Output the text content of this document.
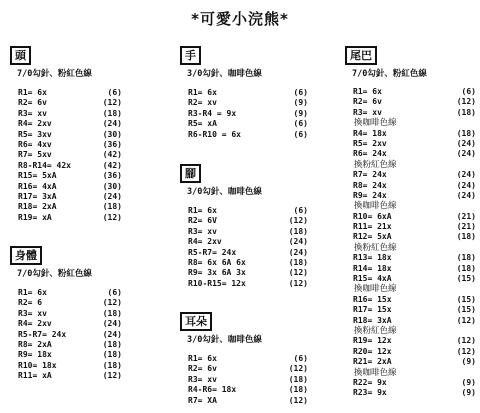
*可愛小浣熊*
頭
7/0勾針、粉紅色線
R1= 6x	(6)
R2= 6v	(12)
R3= xv	(18)
R4= 2xv	(24)
R5= 3xv	(30)
R6= 4xv	(36)
R7= 5xv	(42)
R8-R14= 42x	(42)
R15= 5xA	(36)
R16= 4xA	(30)
R17= 3xA	(24)
R18= 2xA	(18)
R19= xA	(12)
身體
7/0勾針、粉紅色線
R1= 6x	(6)
R2= 6	(12)
R3= xv	(18)
R4= 2xv	(24)
R5-R7= 24x	(24)
R8= 2xA	(18)
R9= 18x	(18)
R10= 18x	(18)
R11= xA	(12)
手
3/0勾針、咖啡色線
R1= 6x	(6)
R2= xv	(9)
R3-R4 = 9x	(9)
R5= xA	(6)
R6-R10 = 6x	(6)
腳
3/0勾針、咖啡色線
R1= 6x	(6)
R2= 6V	(12)
R3= xv	(18)
R4= 2xv	(24)
R5-R7= 24x	(24)
R8= 6x 6A 6x	(18)
R9= 3x 6A 3x	(12)
R10-R15= 12x	(12)
耳朵
3/0勾針、咖啡色線
R1= 6x	(6)
R2= 6v	(12)
R3= xv	(18)
R4-R6= 18x	(18)
R7= XA	(12)
尾巴
7/0勾針、粉紅色線
R1= 6x	(6)
R2= 6v	(12)
R3= xv	(18)
換咖啡色線
R4= 18x	(18)
R5= 2xv	(24)
R6= 24x	(24)
換粉紅色線
R7= 24x	(24)
R8= 24x	(24)
R9= 24x	(24)
換咖啡色線
R10= 6xA	(21)
R11= 21x	(21)
R12= 5xA	(18)
換粉紅色線
R13= 18x	(18)
R14= 18x	(18)
R15= 4xA	(15)
換咖啡色線
R16= 15x	(15)
R17= 15x	(15)
R18= 3xA	(12)
換粉紅色線
R19= 12x	(12)
R20= 12x	(12)
R21= 2xA	(9)
換咖啡色線
R22= 9x	(9)
R23= 9x	(9)
